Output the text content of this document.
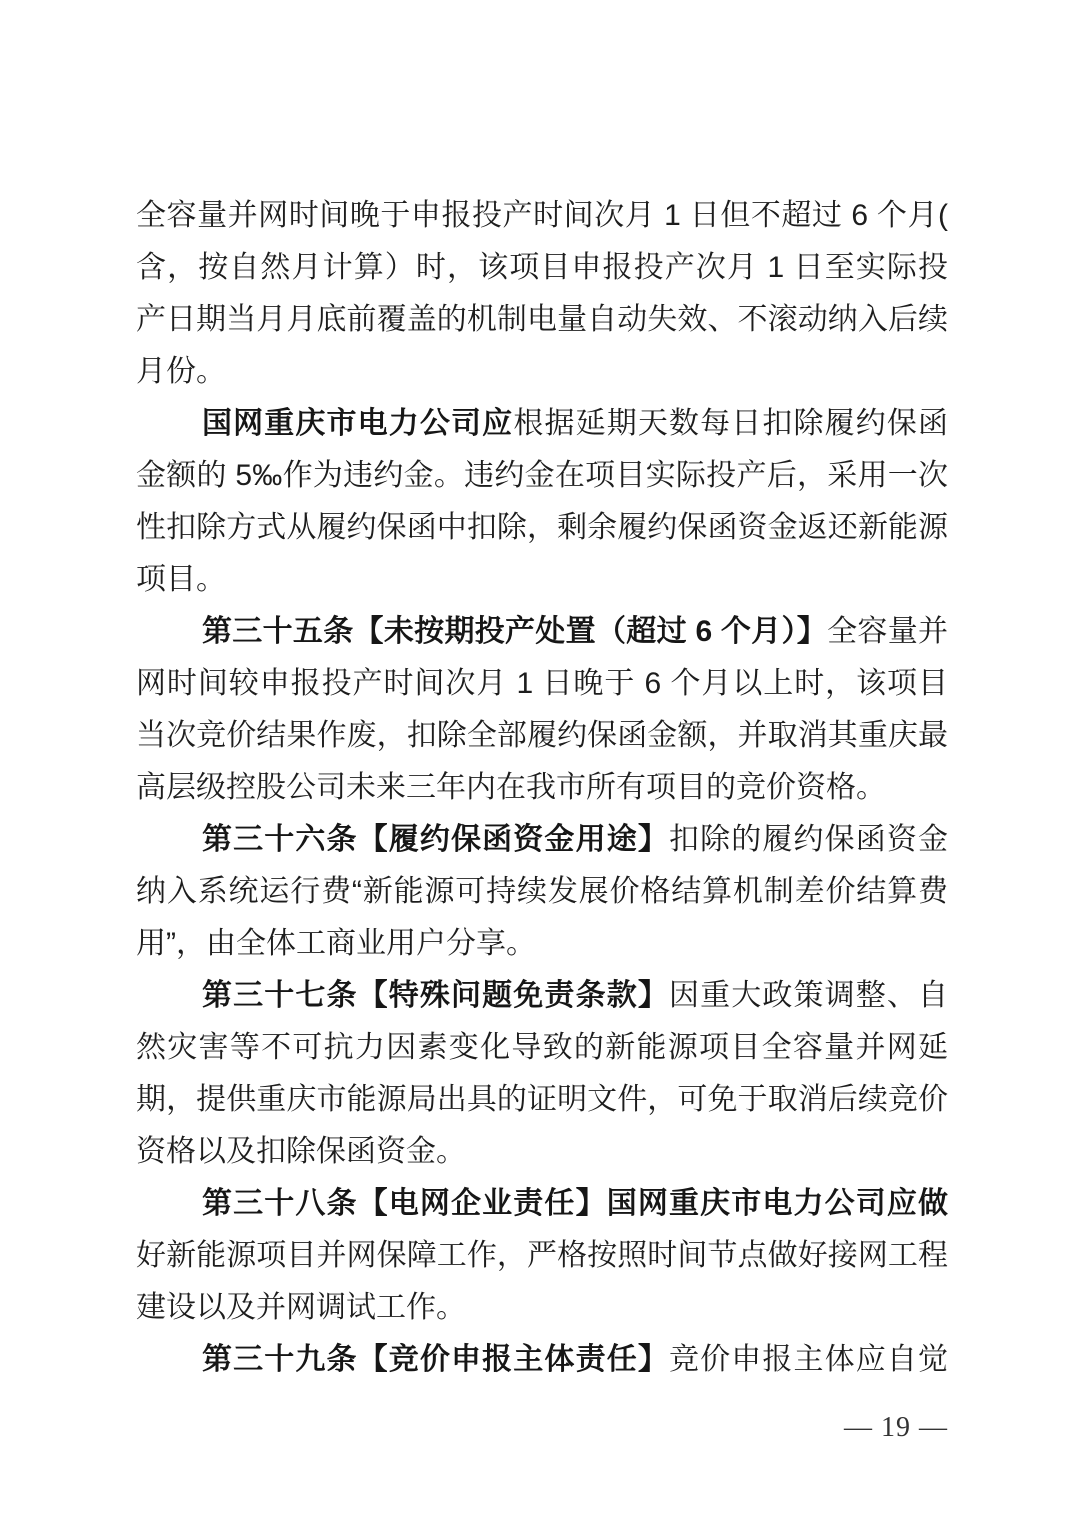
全容量并网时间晚于申报投产时间次月 1 日但不超过 6 个月( 含，按自然月计算）时，该项目申报投产次月 1 日至实际投产日期当月月底前覆盖的机制电量自动失效、不滚动纳入后续月份。

国网重庆市电力公司应根据延期天数每日扣除履约保函金额的 5‰作为违约金。违约金在项目实际投产后，采用一次性扣除方式从履约保函中扣除，剩余履约保函资金返还新能源项目。

第三十五条【未按期投产处置（超过 6 个月）】全容量并网时间较申报投产时间次月 1 日晚于 6 个月以上时，该项目当次竞价结果作废，扣除全部履约保函金额，并取消其重庆最高层级控股公司未来三年内在我市所有项目的竞价资格。

第三十六条【履约保函资金用途】扣除的履约保函资金纳入系统运行费“新能源可持续发展价格结算机制差价结算费用”，由全体工商业用户分享。

第三十七条【特殊问题免责条款】因重大政策调整、自然灾害等不可抗力因素变化导致的新能源项目全容量并网延期，提供重庆市能源局出具的证明文件，可免于取消后续竞价资格以及扣除保函资金。

第三十八条【电网企业责任】国网重庆市电力公司应做好新能源项目并网保障工作，严格按照时间节点做好接网工程建设以及并网调试工作。

第三十九条【竞价申报主体责任】竞价申报主体应自觉

— 19 —
